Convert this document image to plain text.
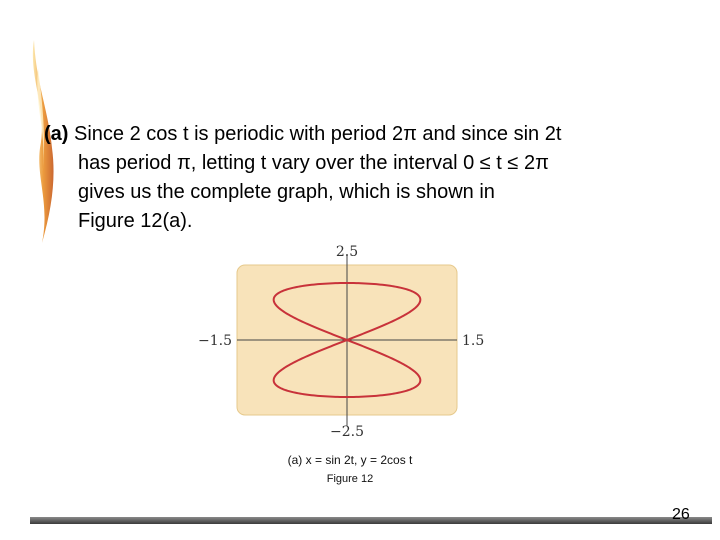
(a) Since 2 cos t is periodic with period 2π and since sin 2t
has period π, letting t vary over the interval 0 ≤ t ≤ 2π
gives us the complete graph, which is shown in
Figure 12(a).
2.5
−2.5
−1.5	1.5
(a) x = sin 2t, y = 2cos t
Figure 12
26
